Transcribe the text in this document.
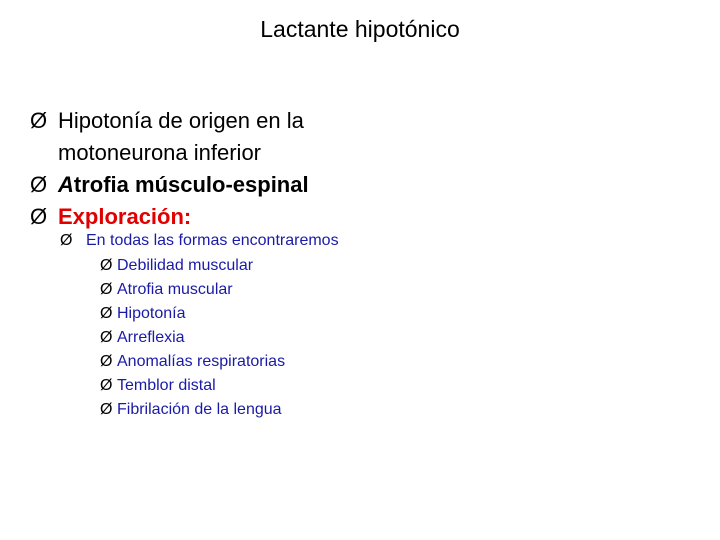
Lactante hipotónico
Ø Hipotonía de origen en la
motoneurona inferior
Ø Atrofia músculo-espinal
Ø Exploración:
Ø En todas las formas encontraremos
Ø Debilidad muscular
Ø Atrofia muscular
Ø Hipotonía
Ø Arreflexia
Ø Anomalías respiratorias
Ø Temblor distal
Ø Fibrilación de la lengua
